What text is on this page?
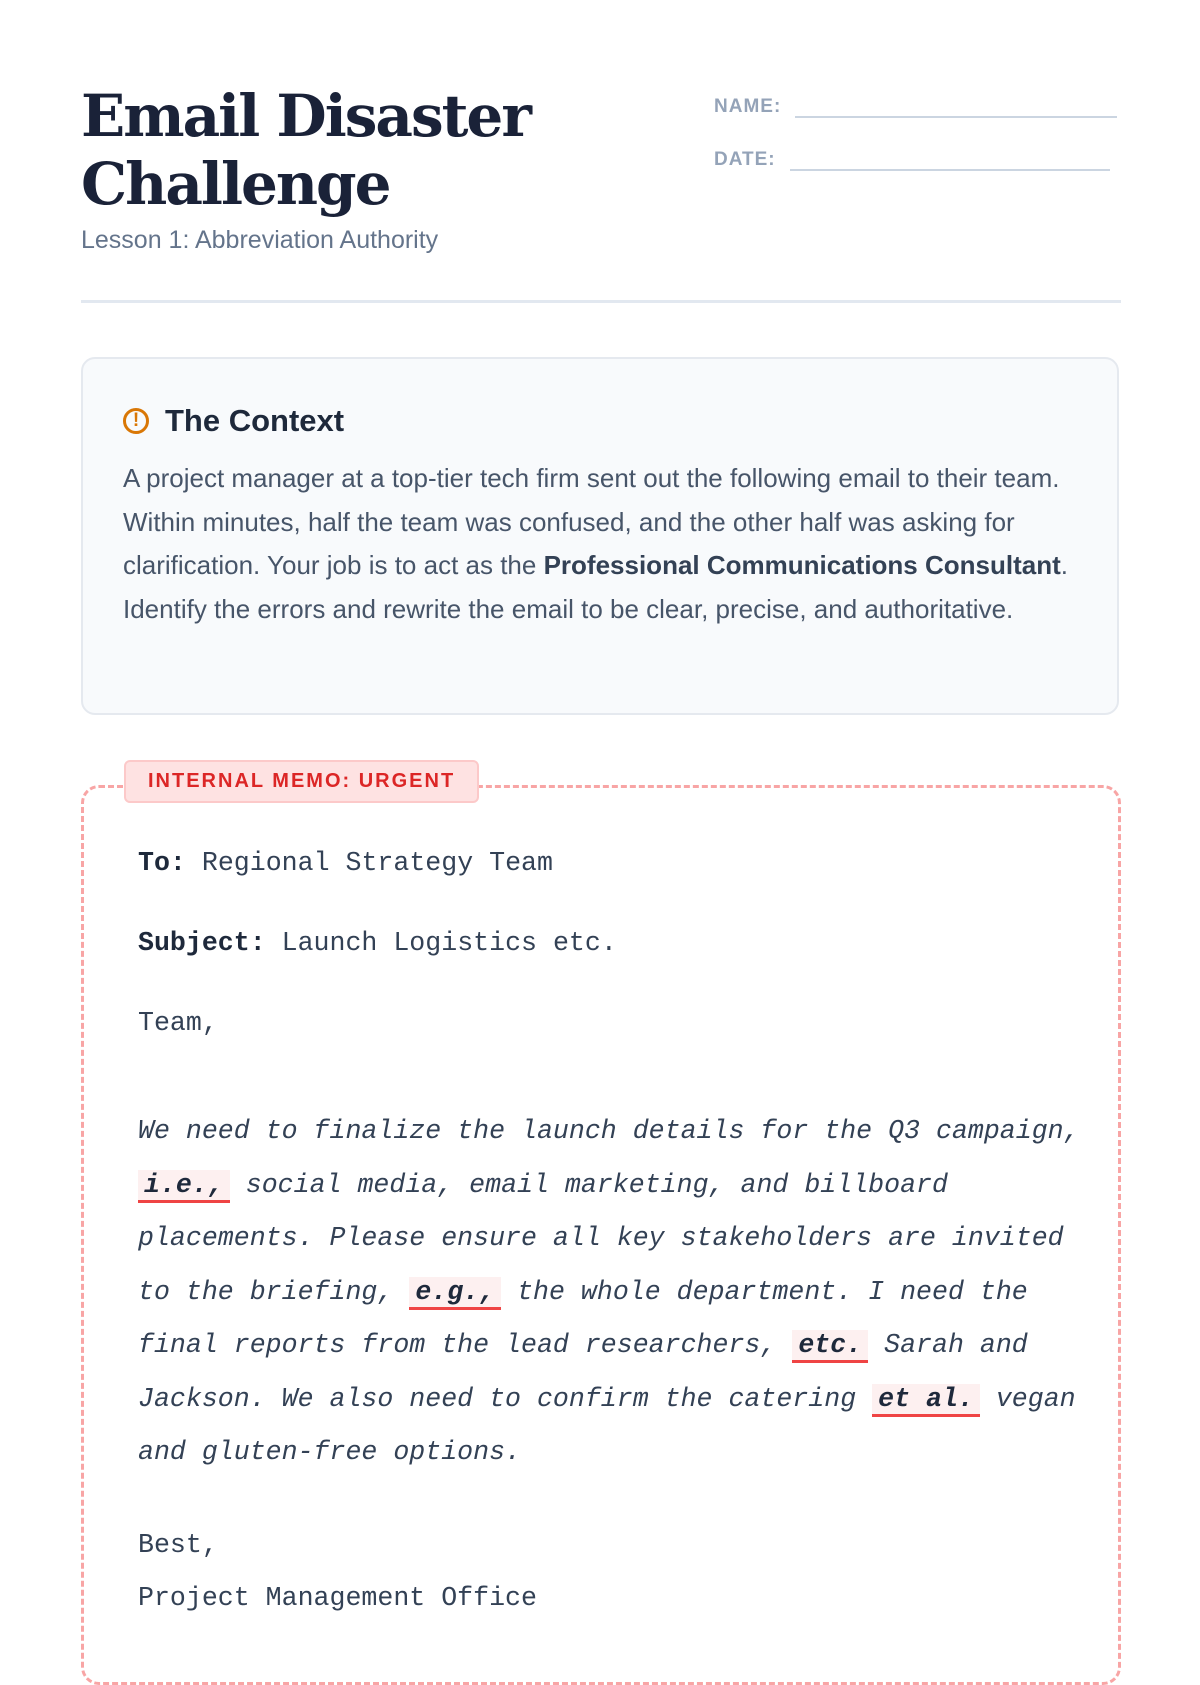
Email Disaster Challenge
Lesson 1: Abbreviation Authority
NAME:
DATE:
! The Context

A project manager at a top-tier tech firm sent out the following email to their team. Within minutes, half the team was confused, and the other half was asking for clarification. Your job is to act as the Professional Communications Consultant. Identify the errors and rewrite the email to be clear, precise, and authoritative.

INTERNAL MEMO: URGENT
To: Regional Strategy Team
Subject: Launch Logistics etc.
Team,
We need to finalize the launch details for the Q3 campaign, i.e., social media, email marketing, and billboard placements. Please ensure all key stakeholders are invited to the briefing, e.g., the whole department. I need the final reports from the lead researchers, etc. Sarah and Jackson. We also need to confirm the catering et al. vegan and gluten-free options.
Best,
Project Management Office
